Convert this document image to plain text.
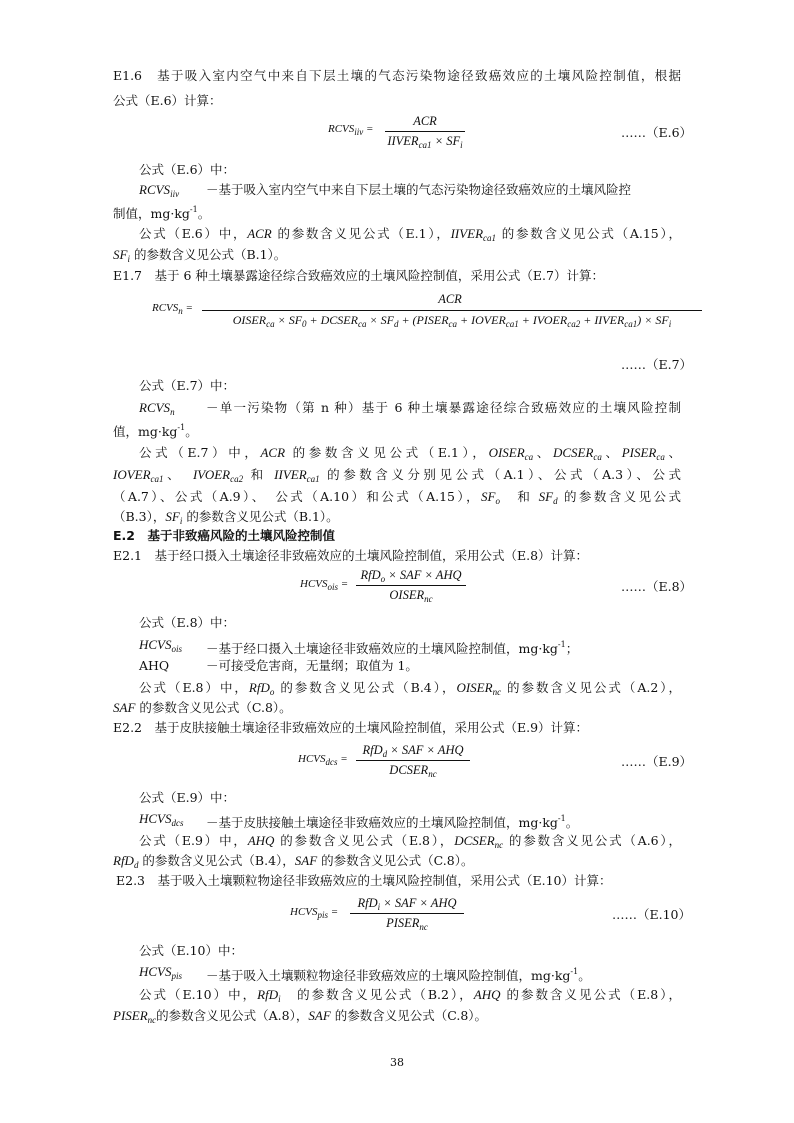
E1.6　基于吸入室内空气中来自下层土壤的气态污染物途径致癌效应的土壤风险控制值，根据
公式（E.6）计算：
$RCVS_{iiv}$ =
ACR
$IIVER_{ca1} \times SF_i$
……（E.6）
公式（E.6）中：
$RCVS_{iiv}$ －基于吸入室内空气中来自下层土壤的气态污染物途径致癌效应的土壤风险控
制值，$mg\cdot kg^{-1}$。
公式（E.6）中，ACR 的参数含义见公式（E.1），$IIVER_{ca1}$ 的参数含义见公式（A.15），
$SF_i$ 的参数含义见公式（B.1）。
E1.7　基于 6 种土壤暴露途径综合致癌效应的土壤风险控制值，采用公式（E.7）计算：
$RCVS_n$ =
ACR
$OISER_{ca} \times SF_0$ + $DCSER_{ca} \times SF_d$ + ($PISER_{ca}$ + $IOVER_{ca1}$ + $IVOER_{ca2}$ + $IIVER_{ca1}) \times SF_i$
……（E.7）
公式（E.7）中：
$RCVS_n$	－单一污染物（第 n 种）基于 6 种土壤暴露途径综合致癌效应的土壤风险控制
值，$mg\cdot kg^{-1}$。
公式（E.7）中，ACR 的参数含义见公式（E.1），$OISER_{ca}$、$DCSER_{ca}$、$PISER_{ca}$、
$IOVER_{ca1}$、　$IVOER_{ca2}$ 和 $IIVER_{ca1}$ 的参数含义分别见公式（A.1）、公式（A.3）、公式
（A.7）、公式（A.9）、　公式（A.10）和公式（A.15），$SF_o$　和 $SF_d$ 的参数含义见公式
（B.3），$SF_i$ 的参数含义见公式（B.1）。
E.2　基于非致癌风险的土壤风险控制值
E2.1　基于经口摄入土壤途径非致癌效应的土壤风险控制值，采用公式（E.8）计算：
$HCVS_{ois}$ =
RfD$_o$ × SAF × AHQ
$OISER_{nc}$
……（E.8）
公式（E.8）中：
$HCVS_{ois}$ －基于经口摄入土壤途径非致癌效应的土壤风险控制值，$mg\cdot kg^{-1}$；
AHQ	－可接受危害商，无量纲；取值为 1。
公式（E.8）中，RfD$_o$ 的参数含义见公式（B.4），$OISER_{nc}$ 的参数含义见公式（A.2），
SAF 的参数含义见公式（C.8）。
E2.2　基于皮肤接触土壤途径非致癌效应的土壤风险控制值，采用公式（E.9）计算：
$HCVS_{dcs}$ =
RfD$_d$ × SAF × AHQ
$DCSER_{nc}$
……（E.9）
公式（E.9）中：
$HCVS_{dcs}$ －基于皮肤接触土壤途径非致癌效应的土壤风险控制值，$mg\cdot kg^{-1}$。
公式（E.9）中，AHQ 的参数含义见公式（E.8），$DCSER_{nc}$ 的参数含义见公式（A.6），
RfD$_d$ 的参数含义见公式（B.4），SAF 的参数含义见公式（C.8）。
E2.3　基于吸入土壤颗粒物途径非致癌效应的土壤风险控制值，采用公式（E.10）计算：
$HCVS_{pis}$ =
RfD$_i$ × SAF × AHQ
$PISER_{nc}$
……（E.10）
公式（E.10）中：
$HCVS_{pis}$ －基于吸入土壤颗粒物途径非致癌效应的土壤风险控制值，$mg\cdot kg^{-1}$。
公式（E.10）中，RfD$_i$　的参数含义见公式（B.2），AHQ 的参数含义见公式（E.8），
$PISER_{nc}$的参数含义见公式（A.8），SAF 的参数含义见公式（C.8）。
38
